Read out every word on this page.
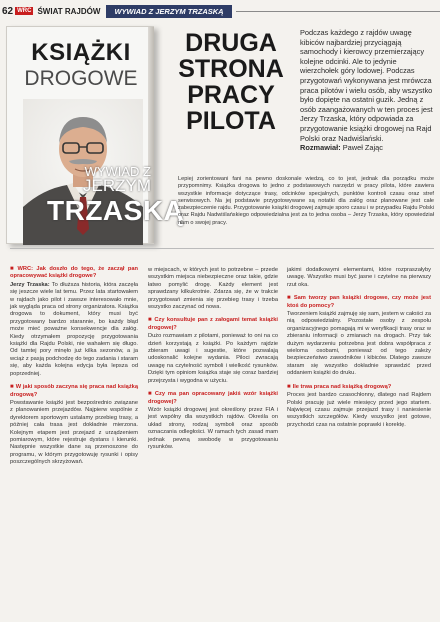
62 WRC ŚWIAT RAJDÓW	WYWIAD Z JERZYM TRZASKĄ
KSIĄŻKI
DROGOWE
WYWIAD Z
JERZYM
TRZASKĄ
DRUGA
STRONA
PRACY
PILOTA
Podczas każdego z rajdów uwagę kibiców najbardziej przyciągają samochody i kierowcy przemierzający kolejne odcinki. Ale to jedynie wierzchołek góry lodowej. Podczas przygotowań wykonywana jest mrówcza praca pilotów i wielu osób, aby wszystko było dopięte na ostatni guzik. Jedną z osób zaangażowanych w ten proces jest Jerzy Trzaska, który odpowiada za przygotowanie książki drogowej na Rajd Polski oraz Nadwiślański.
Rozmawiał: Paweł Zając
Lepiej zorientowani fani na pewno doskonale wiedzą, co to jest, jednak dla porządku może przypomnimy. Książka drogowa to jedno z podstawowych narzędzi w pracy pilota, które zawiera wszystkie informacje dotyczące trasy, odcinków specjalnych, punktów kontroli czasu oraz stref serwisowych. Na jej podstawie przygotowywane są notatki dla załóg oraz planowane jest całe zabezpieczenie rajdu. Przygotowanie książki drogowej zajmuje sporo czasu i w przypadku Rajdu Polski oraz Rajdu Nadwiślańskiego odpowiedzialna jest za to jedna osoba – Jerzy Trzaska, który opowiedział nam o swojej pracy.
■ WRC: Jak doszło do tego, że zaczął pan opracowywać książki drogowe?
Jerzy Trzaska: To dłuższa historia, która zaczęła się jeszcze wiele lat temu. Przez lata startowałem w rajdach jako pilot i zawsze interesowało mnie, jak wygląda praca od strony organizatora. Książka drogowa to dokument, który musi być przygotowany bardzo starannie, bo każdy błąd może mieć poważne konsekwencje dla załóg. Kiedy otrzymałem propozycję przygotowania książki dla Rajdu Polski, nie wahałem się długo. Od tamtej pory minęło już kilka sezonów, a ja wciąż z pasją podchodzę do tego zadania i staram się, aby każda kolejna edycja była lepsza od poprzedniej.
■ W jaki sposób zaczyna się praca nad książką drogową?
Powstawanie książki jest bezpośrednio związane z planowaniem przejazdów. Najpierw wspólnie z dyrektorem sportowym ustalamy przebieg trasy, a później cała trasa jest dokładnie mierzona. Kolejnym etapem jest przejazd z urządzeniem pomiarowym, które rejestruje dystans i kierunki. Następnie wszystkie dane są przenoszone do programu, w którym przygotowuję rysunki i opisy poszczególnych skrzyżowań.
w miejscach, w których jest to potrzebne – przede wszystkim miejsca niebezpieczne oraz takie, gdzie łatwo pomylić drogę. Każdy element jest sprawdzany kilkukrotnie. Zdarza się, że w trakcie przygotowań zmienia się przebieg trasy i trzeba wszystko zaczynać od nowa.
■ Czy konsultuje pan z załogami temat książki drogowej?
Dużo rozmawiam z pilotami, ponieważ to oni na co dzień korzystają z książki. Po każdym rajdzie zbieram uwagi i sugestie, które pozwalają udoskonalić kolejne wydania. Piloci zwracają uwagę na czytelność symboli i wielkość rysunków. Dzięki tym opiniom książka staje się coraz bardziej przejrzysta i wygodna w użyciu.
■ Czy ma pan opracowany jakiś wzór książki drogowej?
Wzór książki drogowej jest określony przez FIA i jest wspólny dla wszystkich rajdów. Określa on układ strony, rodzaj symboli oraz sposób oznaczania odległości. W ramach tych zasad mam jednak pewną swobodę w przygotowaniu rysunków.
jakimi dodatkowymi elementami, które rozpraszałyby uwagę. Wszystko musi być jasne i czytelne na pierwszy rzut oka.
■ Sam tworzy pan książki drogowe, czy może jest ktoś do pomocy?
Tworzeniem książki zajmuję się sam, jestem w całości za nią odpowiedzialny. Pozostałe osoby z zespołu organizacyjnego pomagają mi w weryfikacji trasy oraz w zbieraniu informacji o zmianach na drogach. Przy tak dużym wydarzeniu potrzebna jest dobra współpraca z wieloma osobami, ponieważ od tego zależy bezpieczeństwo zawodników i kibiców. Dlatego zawsze staram się wszystko dokładnie sprawdzić przed oddaniem książki do druku.
■ Ile trwa praca nad książką drogową?
Proces jest bardzo czasochłonny, dlatego nad Rajdem Polski pracuję już wiele miesięcy przed jego startem. Najwięcej czasu zajmuje przejazd trasy i naniesienie wszystkich szczegółów. Kiedy wszystko jest gotowe, przychodzi czas na ostatnie poprawki i korektę.
